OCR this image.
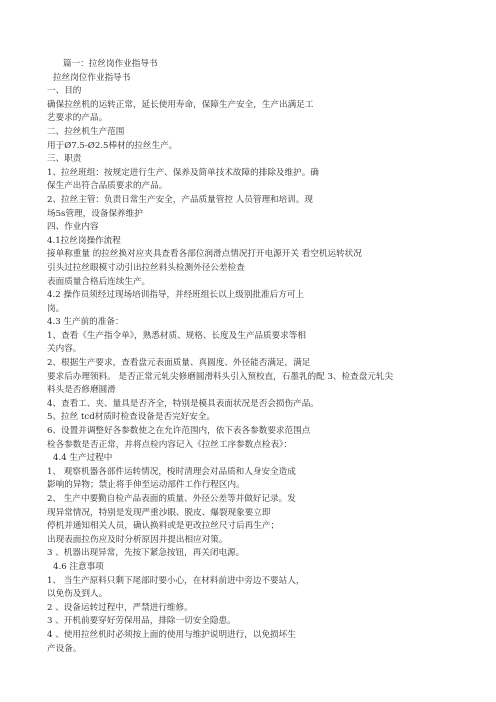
篇一：拉丝岗作业指导书
拉丝岗位作业指导书
一、目的
确保拉丝机的运转正常，延长使用寿命，保障生产安全，生产出满足工
艺要求的产品。
二、拉丝机生产范围
用于Ø7.5-Ø2.5棒材的拉丝生产。
三、职责
1、拉丝班组：按规定进行生产、保养及简单技术故障的排除及维护。确
保生产出符合品质要求的产品。
2、拉丝主管：负责日常生产安全，产品质量管控 人员管理和培训。现
场5s管理，设备保养维护
四、作业内容
4.1拉丝岗操作流程
接单称重量 的拉丝换对应夹具查看各部位润滑点情况打开电源开关 看空机运转状况
引头过拉丝眼模寸动引出拉丝料头检测外径公差检查
表面质量合格后连续生产。
4.2 操作员须经过现场培训指导，并经班组长以上级别批准后方可上
岗。
4.3 生产前的准备：
1、查看《生产指令单》，熟悉材质、规格、长度及生产品质要求等相
关内容。
2、根据生产要求，查看盘元表面质量、真圆度、外径能否满足，满足
要求后办理领料。 是否正常元轧尖修磨圆滑料头引入预校直，石墨乳的配 3、检查盘元轧尖
料头是否修磨圆滑
4、查看工、夹、量具是否齐全，特别是模具表面状况是否会损伤产品。
5、拉丝 tcd材质时检查设备是否完好安全。
6、设置并调整好各参数使之在允许范围内，依下表各参数要求范围点
检各参数是否正常，并将点检内容记入《拉丝工序参数点检表》：
4.4 生产过程中
1、 观察机器各部件运转情况，梭时清理会对品质和人身安全造成
影响的异物；禁止将手伸至运动部件工作行程区内。
2、 生产中要勤自检产品表面的质量、外径公差等并做好记录。发
现异常情况，特别是发现严重沙眼、脱皮、爆裂现象要立即
停机并通知相关人员，确认换料或是更改拉丝尺寸后再生产；
出现表面拉伤应及时分析原因并提出相应对策。
3 、机器出现异常，先按下紧急按钮，再关闭电源。
4.6 注意事项
1、 当生产原料只剩下尾部时要小心，在材料前进中旁边不要站人，
以免伤及到人。
2 、设备运转过程中，严禁进行维修。
3 、开机前要穿好劳保用品，排除一切安全隐患。
4 、使用拉丝机时必须按上面的使用与维护说明进行，以免损坏生
产设备。
